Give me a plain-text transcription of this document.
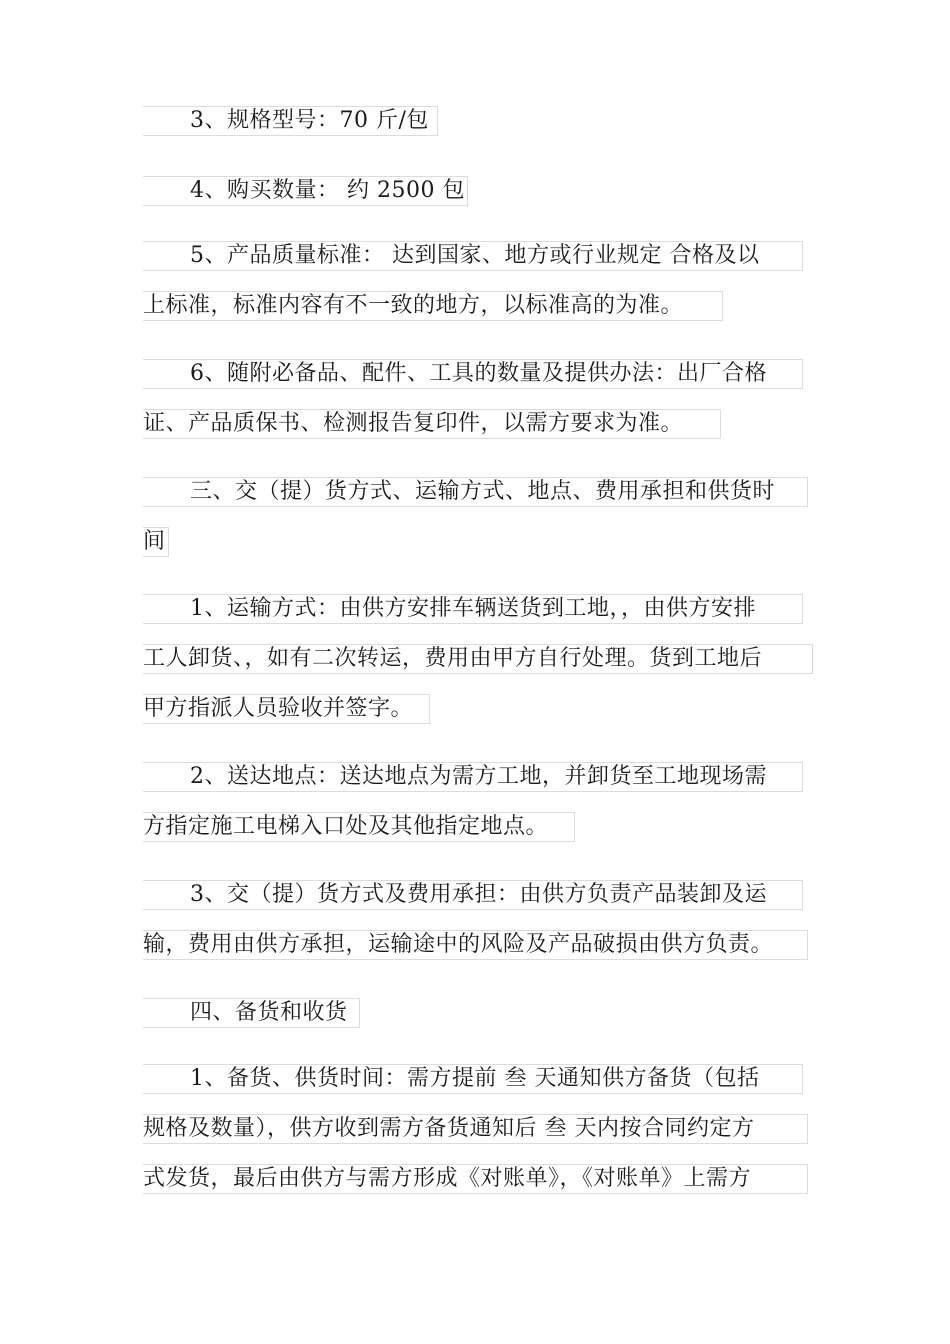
3、规格型号：70 斤/包
4、购买数量： 约 2500 包
5、产品质量标准： 达到国家、地方或行业规定 合格及以
上标准，标准内容有不一致的地方，以标准高的为准。
6、随附必备品、配件、工具的数量及提供办法：出厂合格
证、产品质保书、检测报告复印件，以需方要求为准。
三、交（提）货方式、运输方式、地点、费用承担和供货时
间
1、运输方式：由供方安排车辆送货到工地，，由供方安排
工人卸货、，如有二次转运，费用由甲方自行处理。货到工地后
甲方指派人员验收并签字。
2、送达地点：送达地点为需方工地，并卸货至工地现场需
方指定施工电梯入口处及其他指定地点。
3、交（提）货方式及费用承担：由供方负责产品装卸及运
输，费用由供方承担，运输途中的风险及产品破损由供方负责。
四、备货和收货
1、备货、供货时间：需方提前 叁 天通知供方备货（包括
规格及数量），供方收到需方备货通知后 叁 天内按合同约定方
式发货，最后由供方与需方形成《对账单》，《对账单》上需方
